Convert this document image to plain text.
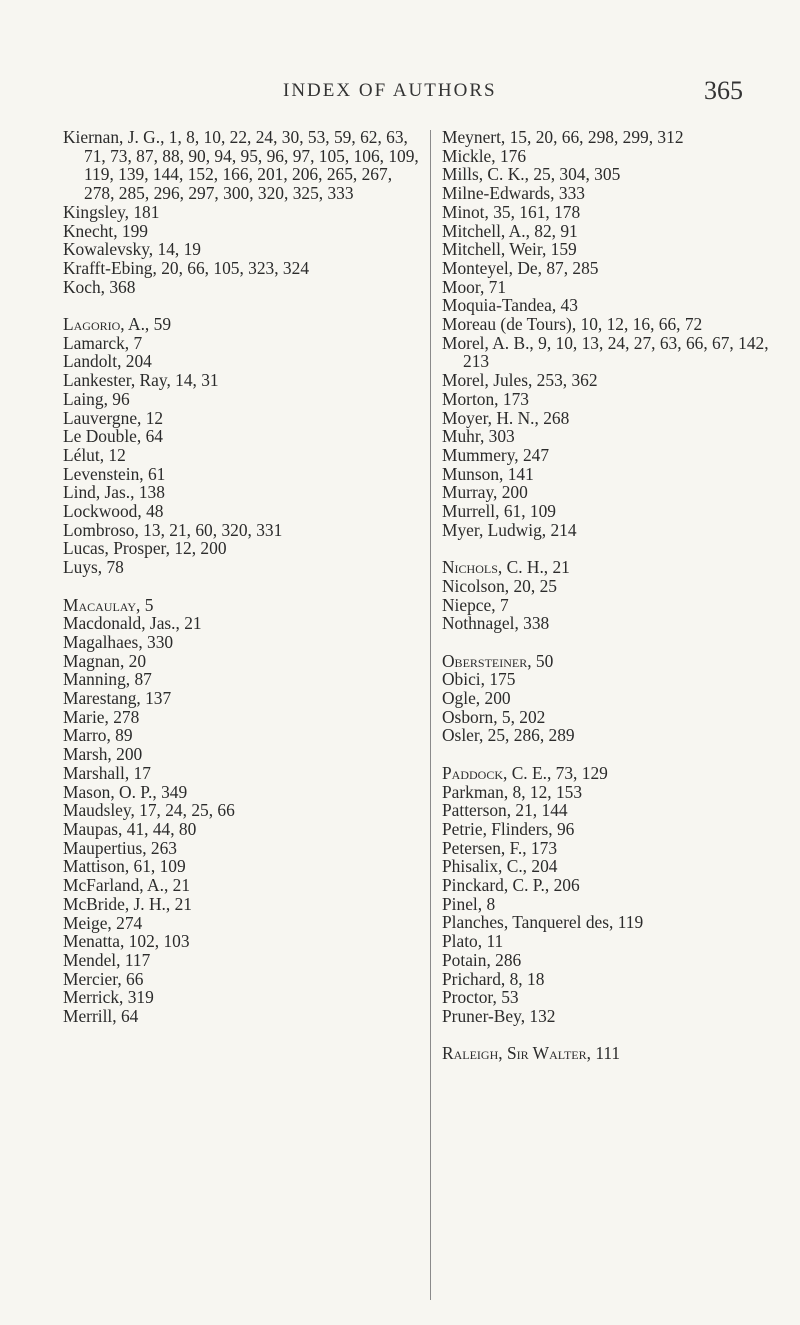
INDEX OF AUTHORS	365
Kiernan, J. G., 1, 8, 10, 22, 24, 30, 53, 59, 62, 63, 71, 73, 87, 88, 90, 94, 95, 96, 97, 105, 106, 109, 119, 139, 144, 152, 166, 201, 206, 265, 267, 278, 285, 296, 297, 300, 320, 325, 333
Kingsley, 181
Knecht, 199
Kowalevsky, 14, 19
Krafft-Ebing, 20, 66, 105, 323, 324
Koch, 368
Lagorio, A., 59
Lamarck, 7
Landolt, 204
Lankester, Ray, 14, 31
Laing, 96
Lauvergne, 12
Le Double, 64
Lélut, 12
Levenstein, 61
Lind, Jas., 138
Lockwood, 48
Lombroso, 13, 21, 60, 320, 331
Lucas, Prosper, 12, 200
Luys, 78
Macaulay, 5
Macdonald, Jas., 21
Magalhaes, 330
Magnan, 20
Manning, 87
Marestang, 137
Marie, 278
Marro, 89
Marsh, 200
Marshall, 17
Mason, O. P., 349
Maudsley, 17, 24, 25, 66
Maupas, 41, 44, 80
Maupertius, 263
Mattison, 61, 109
McFarland, A., 21
McBride, J. H., 21
Meige, 274
Menatta, 102, 103
Mendel, 117
Mercier, 66
Merrick, 319
Merrill, 64
Meynert, 15, 20, 66, 298, 299, 312
Mickle, 176
Mills, C. K., 25, 304, 305
Milne-Edwards, 333
Minot, 35, 161, 178
Mitchell, A., 82, 91
Mitchell, Weir, 159
Monteyel, De, 87, 285
Moor, 71
Moquia-Tandea, 43
Moreau (de Tours), 10, 12, 16, 66, 72
Morel, A. B., 9, 10, 13, 24, 27, 63, 66, 67, 142, 213
Morel, Jules, 253, 362
Morton, 173
Moyer, H. N., 268
Muhr, 303
Mummery, 247
Munson, 141
Murray, 200
Murrell, 61, 109
Myer, Ludwig, 214
Nichols, C. H., 21
Nicolson, 20, 25
Niepce, 7
Nothnagel, 338
Obersteiner, 50
Obici, 175
Ogle, 200
Osborn, 5, 202
Osler, 25, 286, 289
Paddock, C. E., 73, 129
Parkman, 8, 12, 153
Patterson, 21, 144
Petrie, Flinders, 96
Petersen, F., 173
Phisalix, C., 204
Pinckard, C. P., 206
Pinel, 8
Planches, Tanquerel des, 119
Plato, 11
Potain, 286
Prichard, 8, 18
Proctor, 53
Pruner-Bey, 132
Raleigh, Sir Walter, 111
